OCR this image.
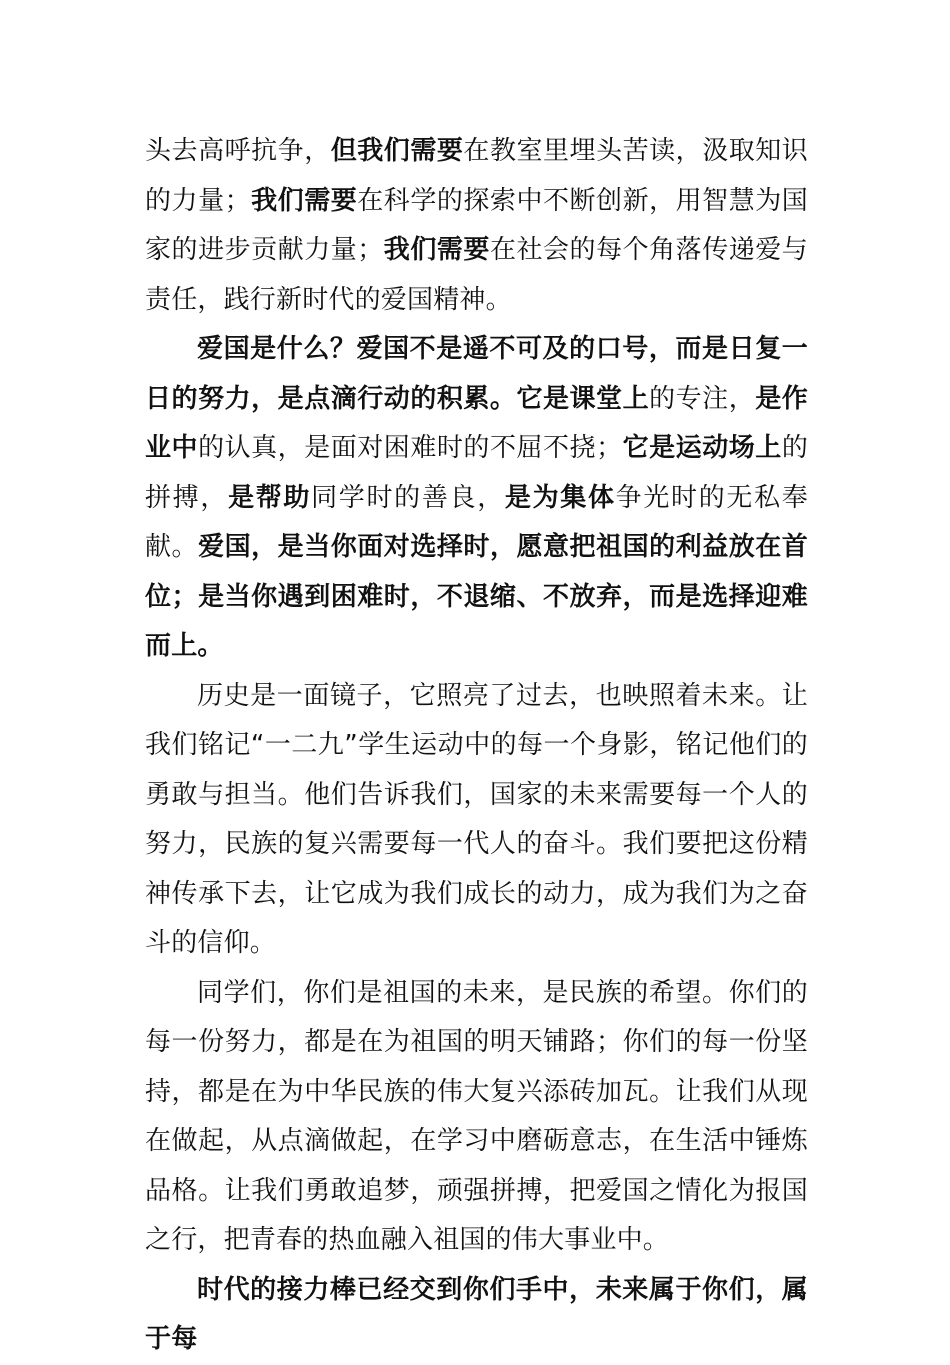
头去高呼抗争，但我们需要在教室里埋头苦读，汲取知识的力量；我们需要在科学的探索中不断创新，用智慧为国家的进步贡献力量；我们需要在社会的每个角落传递爱与责任，践行新时代的爱国精神。

爱国是什么？爱国不是遥不可及的口号，而是日复一日的努力，是点滴行动的积累。它是课堂上的专注，是作业中的认真，是面对困难时的不屈不挠；它是运动场上的拼搏，是帮助同学时的善良，是为集体争光时的无私奉献。爱国，是当你面对选择时，愿意把祖国的利益放在首位；是当你遇到困难时，不退缩、不放弃，而是选择迎难而上。

历史是一面镜子，它照亮了过去，也映照着未来。让我们铭记“一二九”学生运动中的每一个身影，铭记他们的勇敢与担当。他们告诉我们，国家的未来需要每一个人的努力，民族的复兴需要每一代人的奋斗。我们要把这份精神传承下去，让它成为我们成长的动力，成为我们为之奋斗的信仰。

同学们，你们是祖国的未来，是民族的希望。你们的每一份努力，都是在为祖国的明天铺路；你们的每一份坚持，都是在为中华民族的伟大复兴添砖加瓦。让我们从现在做起，从点滴做起，在学习中磨砺意志，在生活中锤炼品格。让我们勇敢追梦，顽强拼搏，把爱国之情化为报国之行，把青春的热血融入祖国的伟大事业中。

时代的接力棒已经交到你们手中，未来属于你们，属于每
